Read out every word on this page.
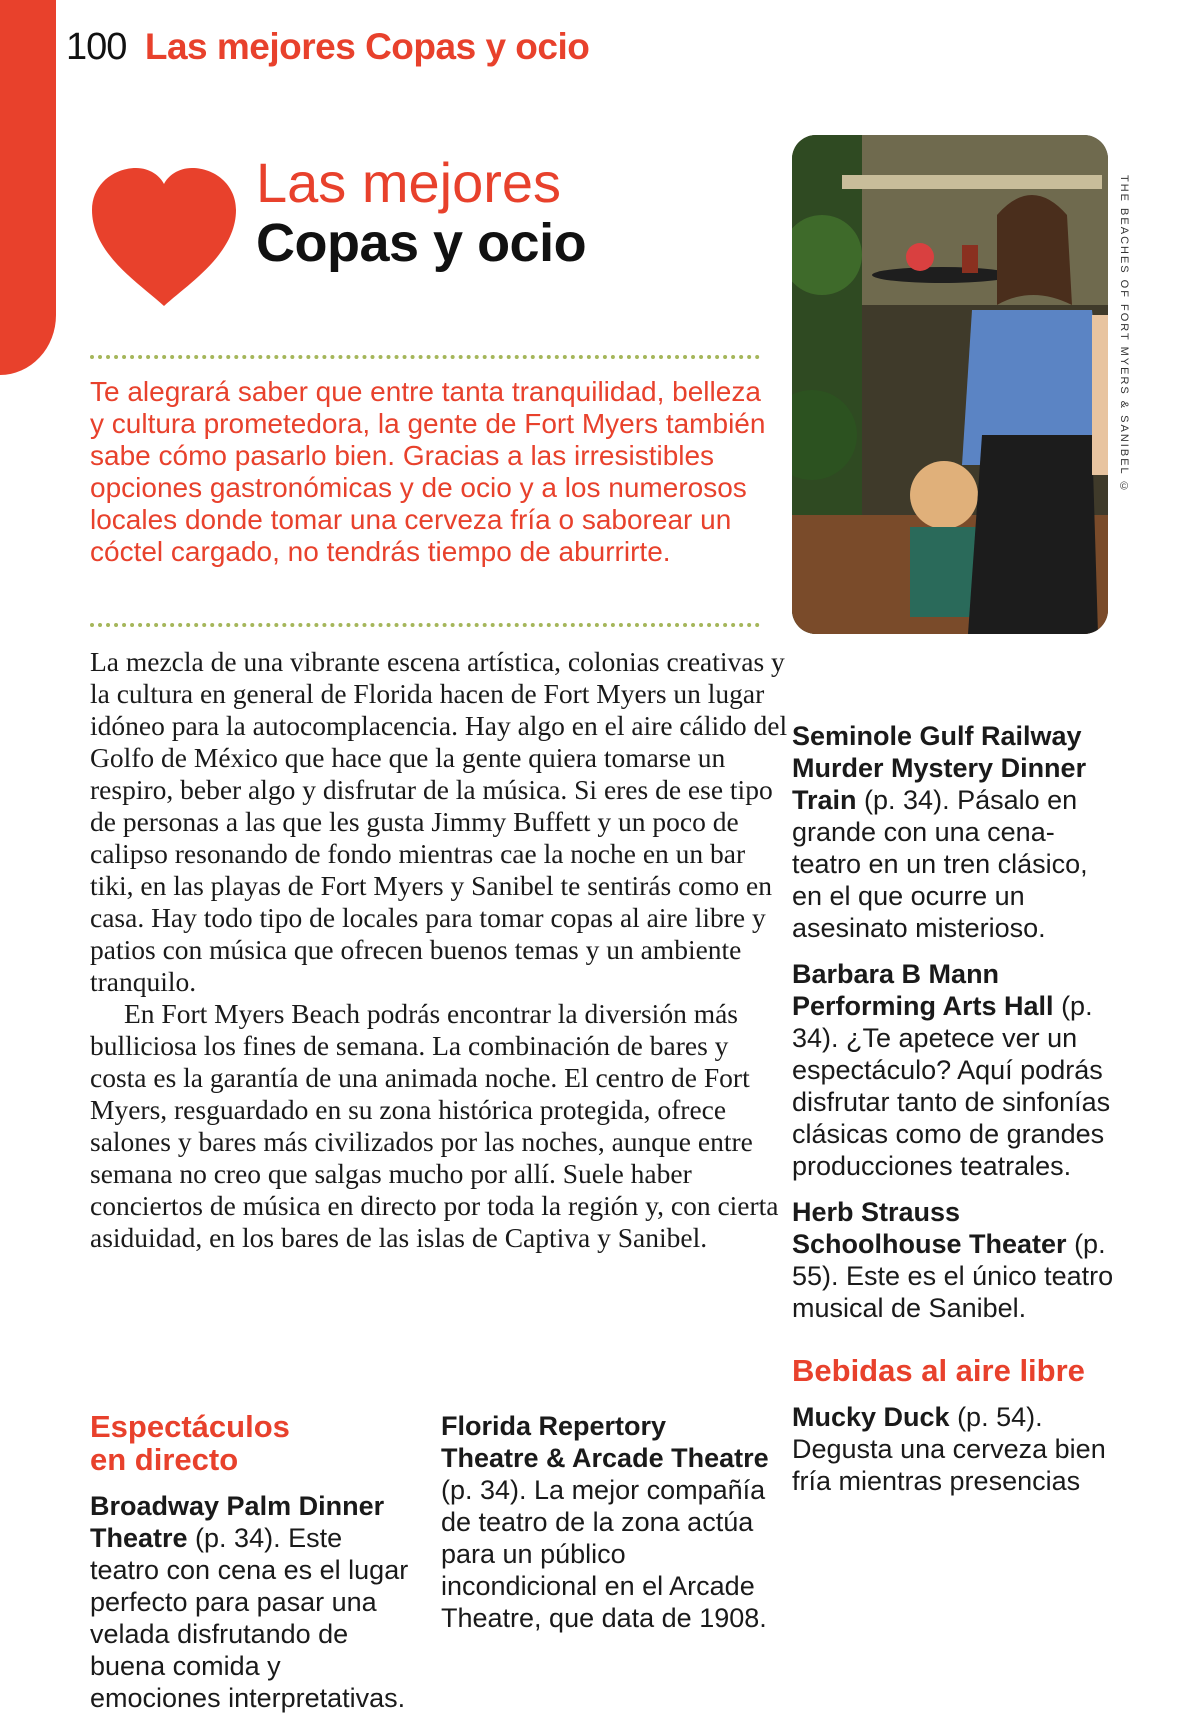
100 Las mejores Copas y ocio
Las mejores
Copas y ocio
Te alegrará saber que entre tanta tranquilidad, belleza y cultura prometedora, la gente de Fort Myers también sabe cómo pasarlo bien. Gracias a las irresistibles opciones gastronómicas y de ocio y a los numerosos locales donde tomar una cerveza fría o saborear un cóctel cargado, no tendrás tiempo de aburrirte.
THE BEACHES OF FORT MYERS & SANIBEL ©

La mezcla de una vibrante escena artística, colonias creativas y la cultura en general de Florida hacen de Fort Myers un lugar idóneo para la autocomplacencia. Hay algo en el aire cálido del Golfo de México que hace que la gente quiera tomarse un respiro, beber algo y disfrutar de la música. Si eres de ese tipo de personas a las que les gusta Jimmy Buffett y un poco de calipso resonando de fondo mientras cae la noche en un bar tiki, en las playas de Fort Myers y Sanibel te sentirás como en casa. Hay todo tipo de locales para tomar copas al aire libre y patios con música que ofrecen buenos temas y un ambiente tranquilo.

En Fort Myers Beach podrás encontrar la diversión más bulliciosa los fines de semana. La combinación de bares y costa es la garantía de una animada noche. El centro de Fort Myers, resguardado en su zona histórica protegida, ofrece salones y bares más civilizados por las noches, aunque entre semana no creo que salgas mucho por allí. Suele haber conciertos de música en directo por toda la región y, con cierta asiduidad, en los bares de las islas de Captiva y Sanibel.

Espectáculos
en directo

Broadway Palm Dinner Theatre (p. 34). Este teatro con cena es el lugar perfecto para pasar una velada disfrutando de buena comida y emociones interpretativas.

Florida Repertory Theatre & Arcade Theatre (p. 34). La mejor compañía de teatro de la zona actúa para un público incondicional en el Arcade Theatre, que data de 1908.

Seminole Gulf Railway Murder Mystery Dinner Train (p. 34). Pásalo en grande con una cena-teatro en un tren clásico, en el que ocurre un asesinato misterioso.

Barbara B Mann Performing Arts Hall (p. 34). ¿Te apetece ver un espectáculo? Aquí podrás disfrutar tanto de sinfonías clásicas como de grandes producciones teatrales.

Herb Strauss Schoolhouse Theater (p. 55). Este es el único teatro musical de Sanibel.

Bebidas al aire libre

Mucky Duck (p. 54). Degusta una cerveza bien fría mientras presencias
